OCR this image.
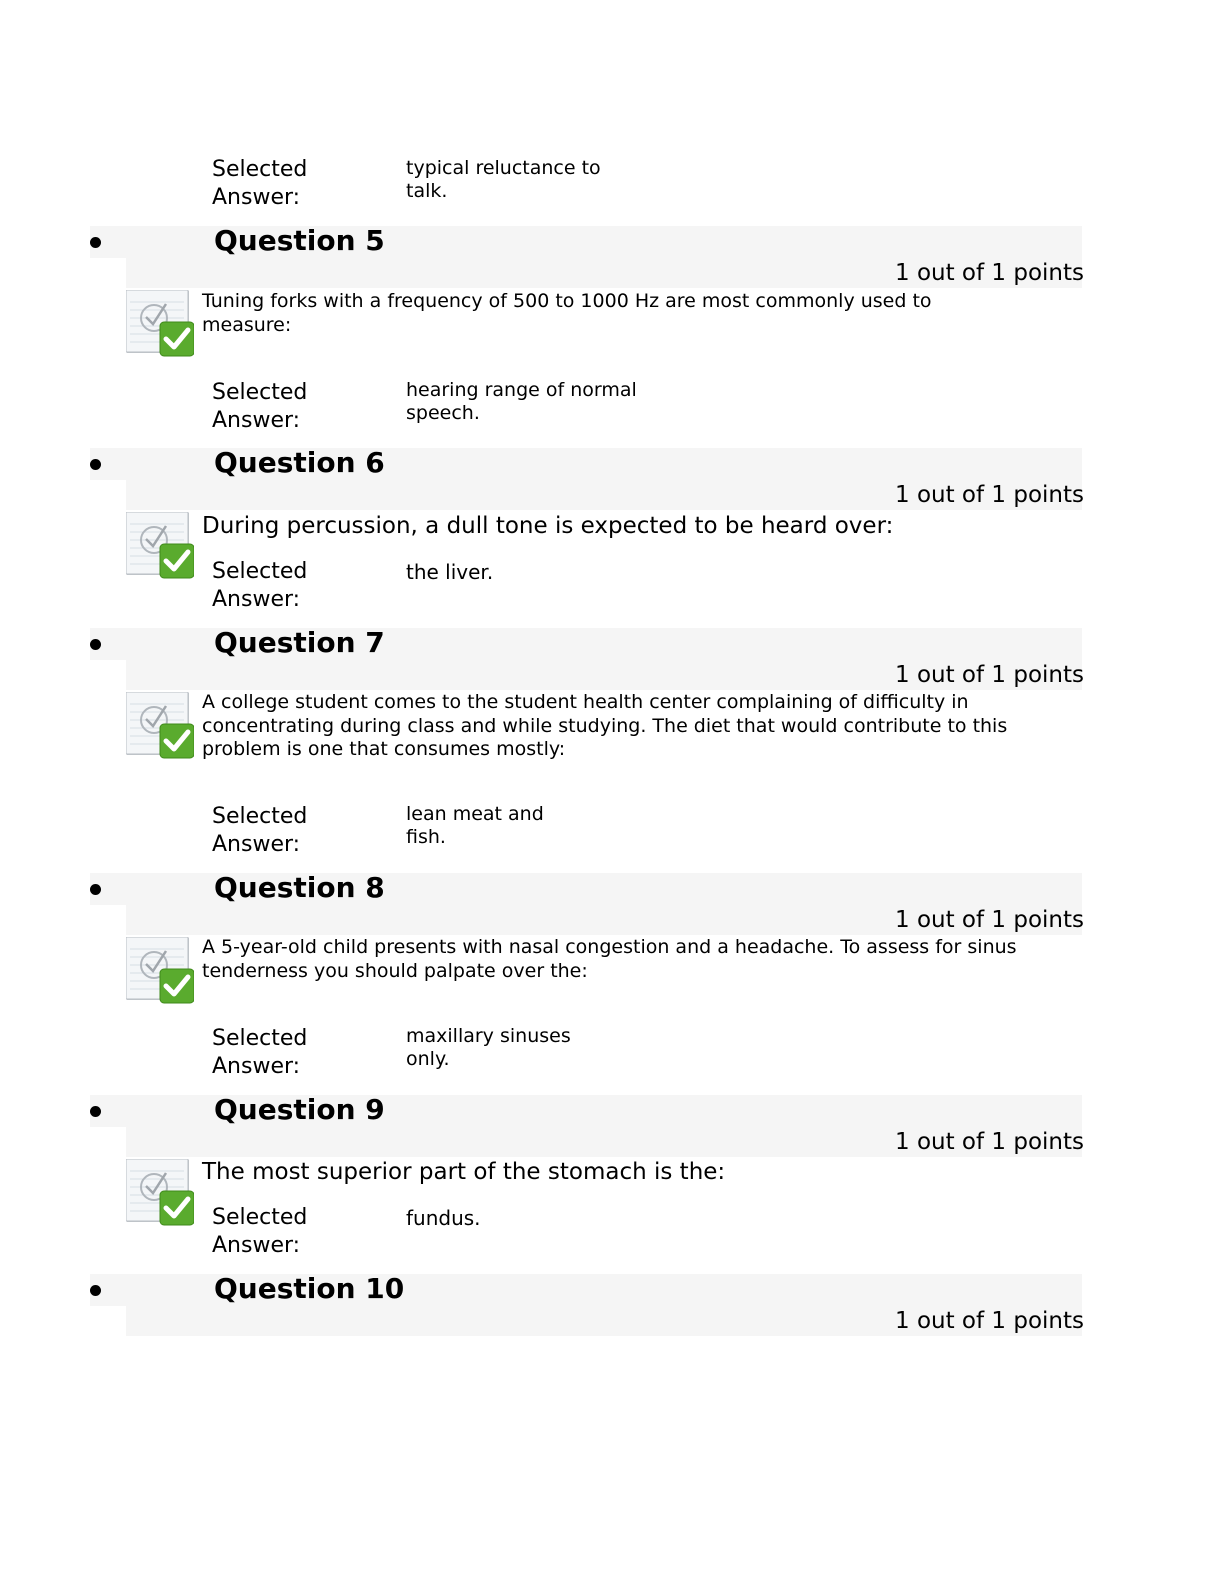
Selected
Answer:
typical reluctance to
talk.
Question 5
1 out of 1 points
Tuning forks with a frequency of 500 to 1000 Hz are most commonly used to measure:
Selected
Answer:
hearing range of normal
speech.
Question 6
1 out of 1 points
During percussion, a dull tone is expected to be heard over:
Selected
Answer:
the liver.
Question 7
1 out of 1 points
A college student comes to the student health center complaining of difficulty in concentrating during class and while studying. The diet that would contribute to this problem is one that consumes mostly:
Selected
Answer:
lean meat and
fish.
Question 8
1 out of 1 points
A 5-year-old child presents with nasal congestion and a headache. To assess for sinus tenderness you should palpate over the:
Selected
Answer:
maxillary sinuses
only.
Question 9
1 out of 1 points
The most superior part of the stomach is the:
Selected
Answer:
fundus.
Question 10
1 out of 1 points
